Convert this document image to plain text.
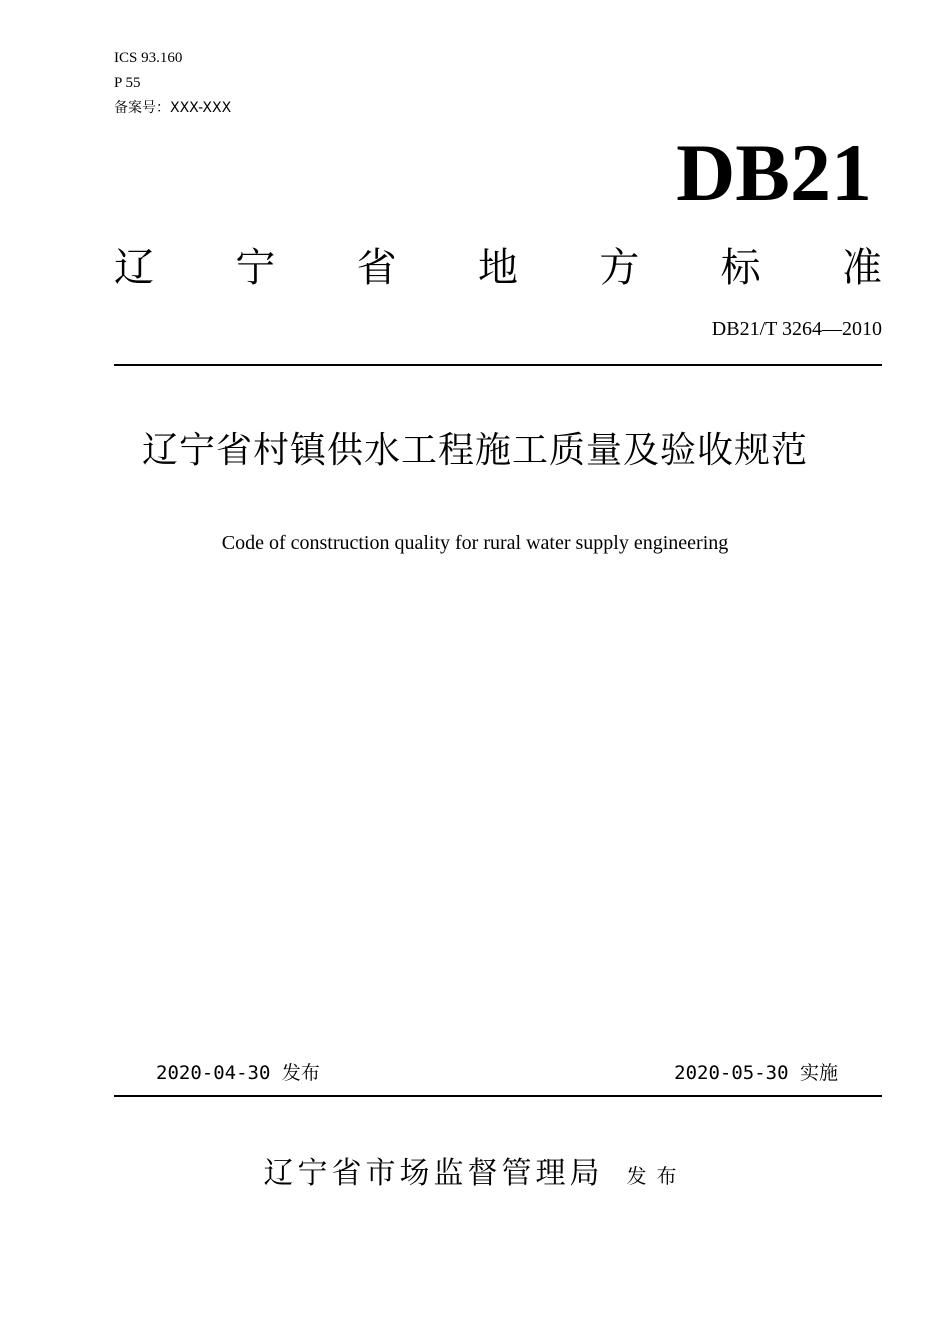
ICS 93.160
P 55
备案号：XXX-XXX
DB21
辽 宁 省 地 方 标 准
DB21/T 3264—2010
辽宁省村镇供水工程施工质量及验收规范
Code of construction quality for rural water supply engineering
2020-04-30 发布	2020-05-30 实施
辽宁省市场监督管理局 发布
